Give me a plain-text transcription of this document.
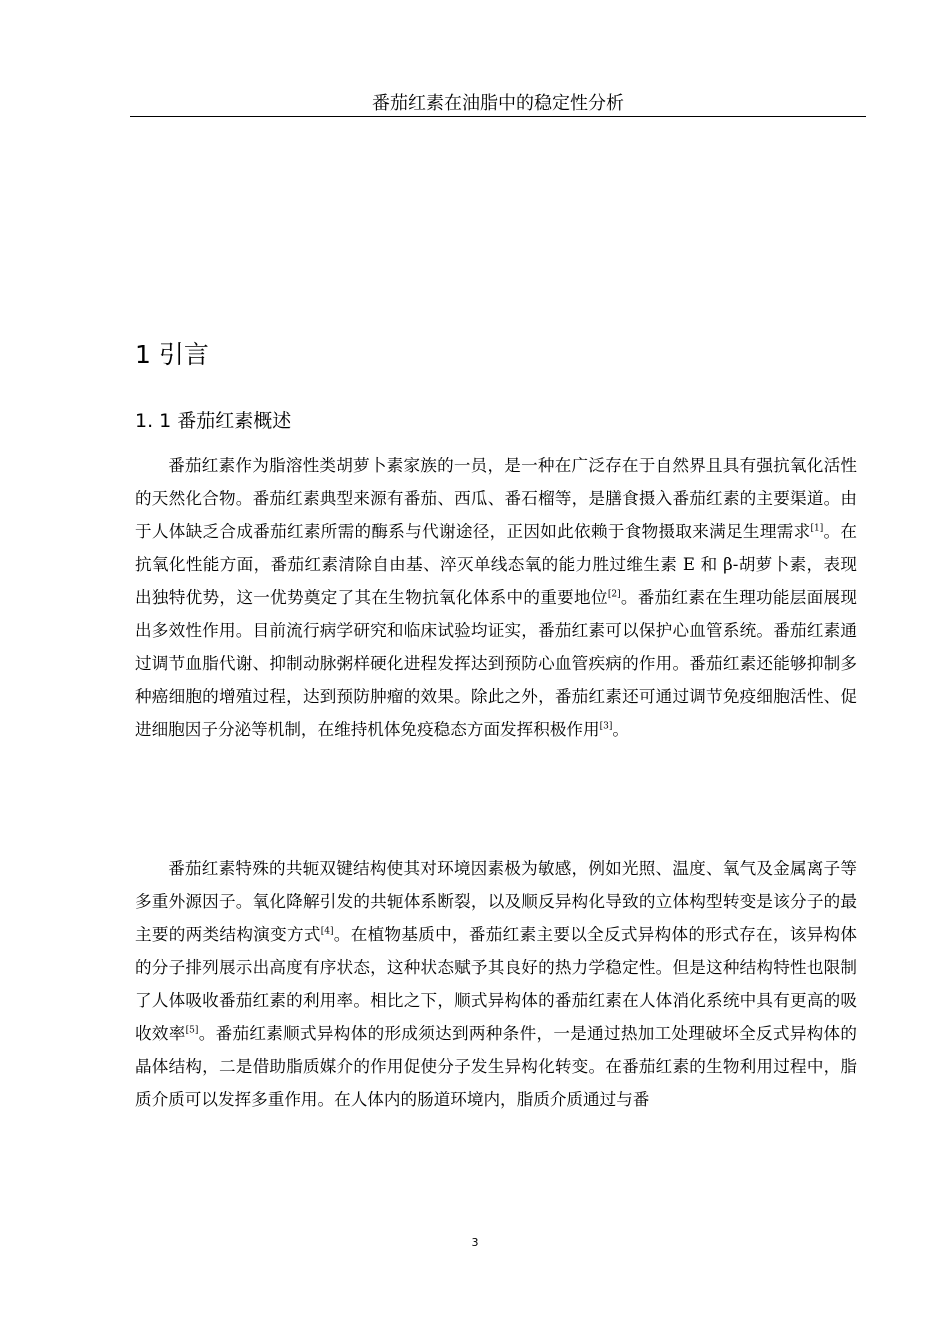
番茄红素在油脂中的稳定性分析
1 引言
1. 1 番茄红素概述

番茄红素作为脂溶性类胡萝卜素家族的一员，是一种在广泛存在于自然界且具有强抗氧化活性的天然化合物。番茄红素典型来源有番茄、西瓜、番石榴等，是膳食摄入番茄红素的主要渠道。由于人体缺乏合成番茄红素所需的酶系与代谢途径，正因如此依赖于食物摄取来满足生理需求[1]。在抗氧化性能方面，番茄红素清除自由基、淬灭单线态氧的能力胜过维生素 E 和 β-胡萝卜素，表现出独特优势，这一优势奠定了其在生物抗氧化体系中的重要地位[2]。番茄红素在生理功能层面展现出多效性作用。目前流行病学研究和临床试验均证实，番茄红素可以保护心血管系统。番茄红素通过调节血脂代谢、抑制动脉粥样硬化进程发挥达到预防心血管疾病的作用。番茄红素还能够抑制多种癌细胞的增殖过程，达到预防肿瘤的效果。除此之外，番茄红素还可通过调节免疫细胞活性、促进细胞因子分泌等机制，在维持机体免疫稳态方面发挥积极作用[3]。

番茄红素特殊的共轭双键结构使其对环境因素极为敏感，例如光照、温度、氧气及金属离子等多重外源因子。氧化降解引发的共轭体系断裂，以及顺反异构化导致的立体构型转变是该分子的最主要的两类结构演变方式[4]。在植物基质中，番茄红素主要以全反式异构体的形式存在，该异构体的分子排列展示出高度有序状态，这种状态赋予其良好的热力学稳定性。但是这种结构特性也限制了人体吸收番茄红素的利用率。相比之下，顺式异构体的番茄红素在人体消化系统中具有更高的吸收效率[5]。番茄红素顺式异构体的形成须达到两种条件，一是通过热加工处理破坏全反式异构体的晶体结构，二是借助脂质媒介的作用促使分子发生异构化转变。在番茄红素的生物利用过程中，脂质介质可以发挥多重作用。在人体内的肠道环境内，脂质介质通过与番

3
